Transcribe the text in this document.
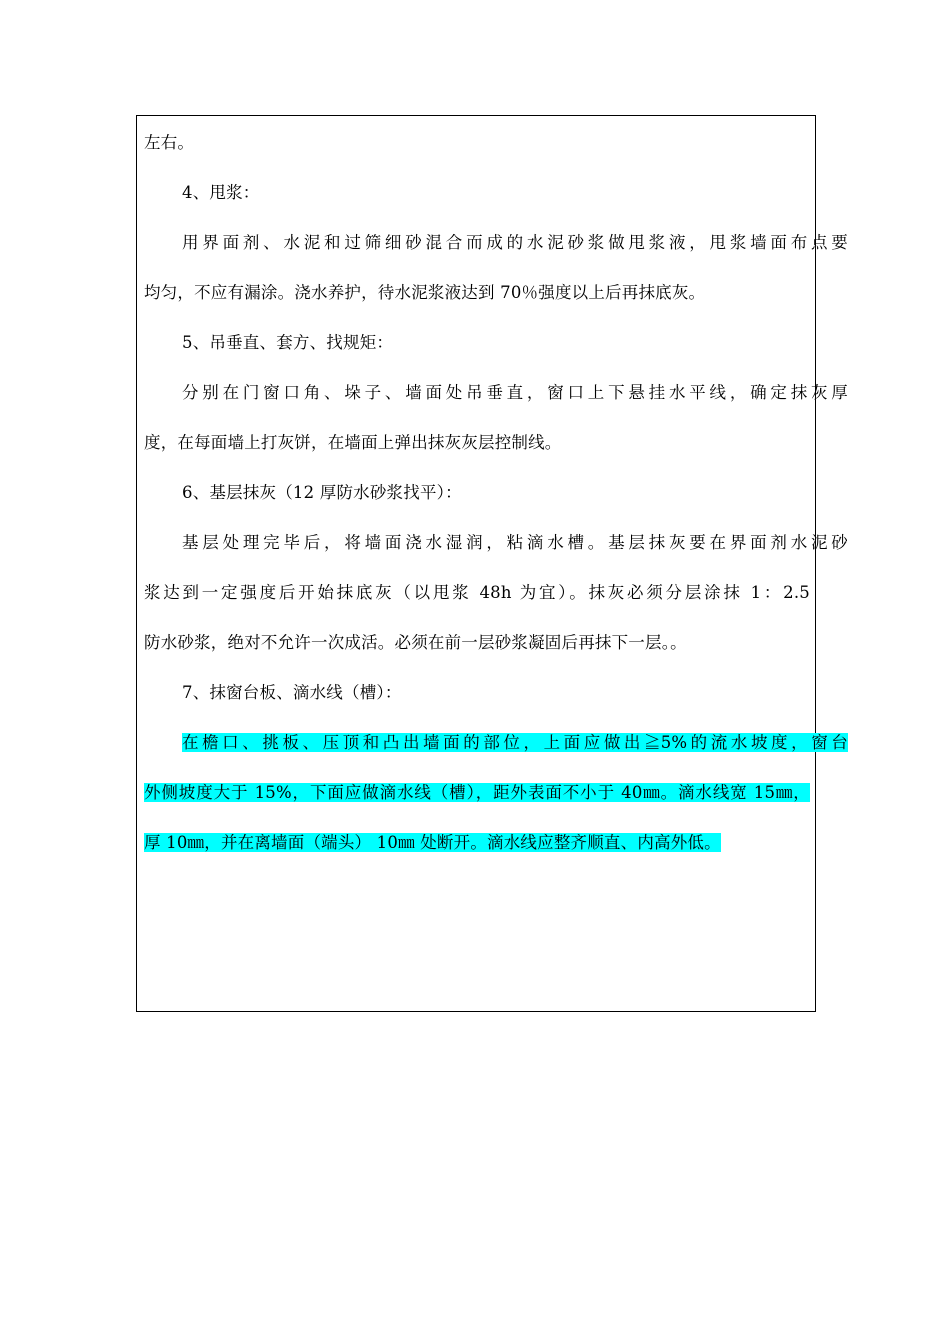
左右。
4、甩浆：
用界面剂、水泥和过筛细砂混合而成的水泥砂浆做甩浆液，甩浆墙面布点要
均匀，不应有漏涂。浇水养护，待水泥浆液达到 70％强度以上后再抹底灰。
5、吊垂直、套方、找规矩：
分别在门窗口角、垛子、墙面处吊垂直，窗口上下悬挂水平线，确定抹灰厚
度，在每面墙上打灰饼，在墙面上弹出抹灰灰层控制线。
6、基层抹灰（12 厚防水砂浆找平）：
基层处理完毕后，将墙面浇水湿润，粘滴水槽。基层抹灰要在界面剂水泥砂
浆达到一定强度后开始抹底灰（以甩浆 48h 为宜）。抹灰必须分层涂抹 1：2.5
防水砂浆，绝对不允许一次成活。必须在前一层砂浆凝固后再抹下一层。。
7、抹窗台板、滴水线（槽）：
在檐口、挑板、压顶和凸出墙面的部位，上面应做出≧5%的流水坡度，窗台
外侧坡度大于 15%，下面应做滴水线（槽），距外表面不小于 40㎜。滴水线宽 15㎜，
厚 10㎜，并在离墙面（端头） 10㎜ 处断开。滴水线应整齐顺直、内高外低。
